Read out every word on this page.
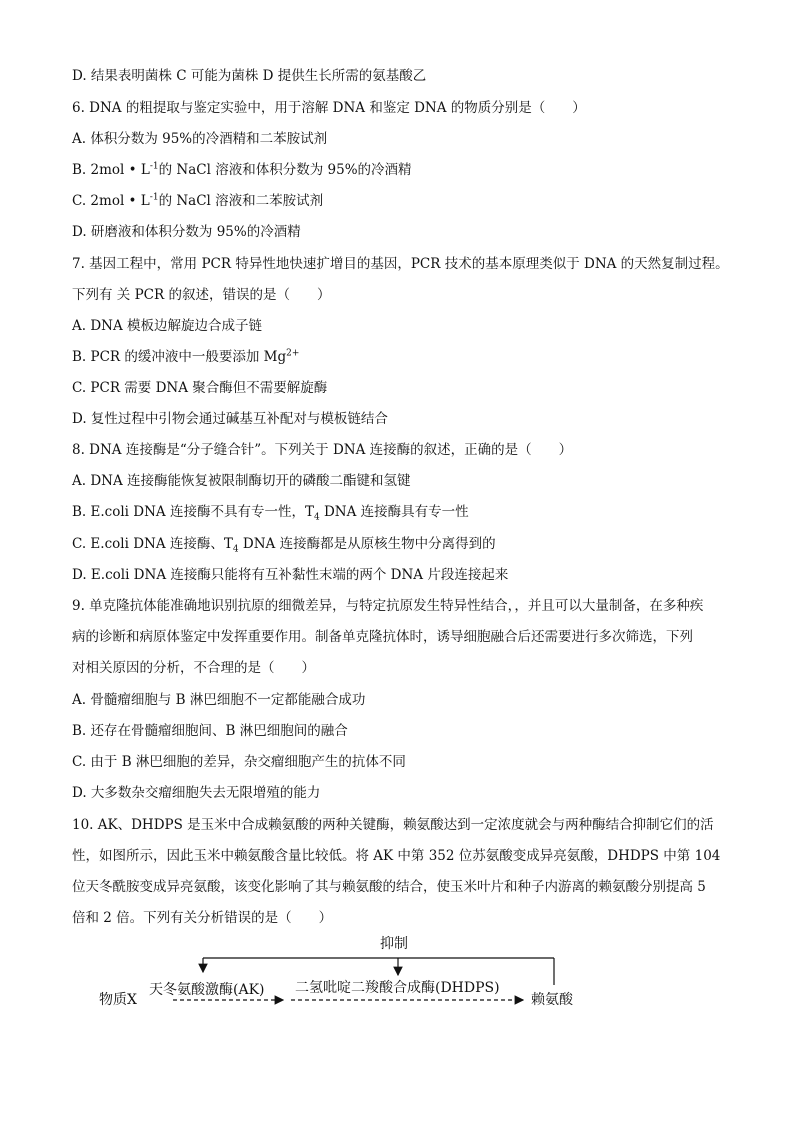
D. 结果表明菌株 C 可能为菌株 D 提供生长所需的氨基酸乙
6. DNA 的粗提取与鉴定实验中，用于溶解 DNA 和鉴定 DNA 的物质分别是（　　）
A. 体积分数为 95%的冷酒精和二苯胺试剂
B. 2mol • $L^{-1}$的 NaCl 溶液和体积分数为 95%的冷酒精
C. 2mol • $L^{-1}$的 NaCl 溶液和二苯胺试剂
D. 研磨液和体积分数为 95%的冷酒精
7. 基因工程中，常用 PCR 特异性地快速扩增目的基因，PCR 技术的基本原理类似于 DNA 的天然复制过程。
下列有 关 PCR 的叙述，错误的是（　　）
A. DNA 模板边解旋边合成子链
B. PCR 的缓冲液中一般要添加 $Mg^{2+}$
C. PCR 需要 DNA 聚合酶但不需要解旋酶
D. 复性过程中引物会通过碱基互补配对与模板链结合
8. DNA 连接酶是“分子缝合针”。下列关于 DNA 连接酶的叙述，正确的是（　　）
A. DNA 连接酶能恢复被限制酶切开的磷酸二酯键和氢键
B. E.coli DNA 连接酶不具有专一性，$T_4$ DNA 连接酶具有专一性
C. E.coli DNA 连接酶、$T_4$ DNA 连接酶都是从原核生物中分离得到的
D. E.coli DNA 连接酶只能将有互补黏性末端的两个 DNA 片段连接起来
9. 单克隆抗体能准确地识别抗原的细微差异，与特定抗原发生特异性结合，，并且可以大量制备，在多种疾
病的诊断和病原体鉴定中发挥重要作用。制备单克隆抗体时，诱导细胞融合后还需要进行多次筛选，下列
对相关原因的分析，不合理的是（　　）
A. 骨髓瘤细胞与 B 淋巴细胞不一定都能融合成功
B. 还存在骨髓瘤细胞间、B 淋巴细胞间的融合
C. 由于 B 淋巴细胞的差异，杂交瘤细胞产生的抗体不同
D. 大多数杂交瘤细胞失去无限增殖的能力
10. AK、DHDPS 是玉米中合成赖氨酸的两种关键酶，赖氨酸达到一定浓度就会与两种酶结合抑制它们的活
性，如图所示，因此玉米中赖氨酸含量比较低。将 AK 中第 352 位苏氨酸变成异亮氨酸，DHDPS 中第 104
位天冬酰胺变成异亮氨酸，该变化影响了其与赖氨酸的结合，使玉米叶片和种子内游离的赖氨酸分别提高 5
倍和 2 倍。下列有关分析错误的是（　　）
抑制
物质X
天冬氨酸激酶(AK) 二氢吡啶二羧酸合成酶(DHDPS)
赖氨酸
